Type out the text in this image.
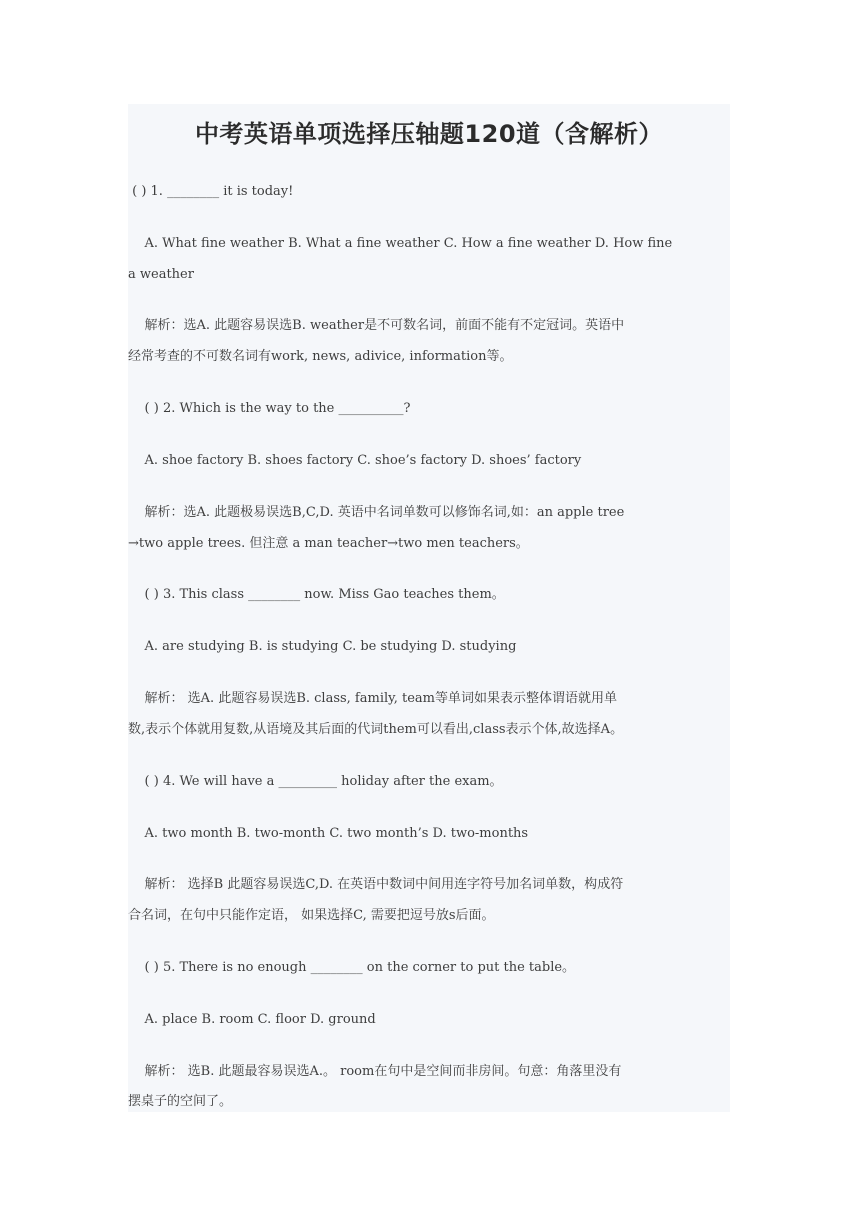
中考英语单项选择压轴题120道（含解析）
( ) 1. ________ it is today!
A. What fine weather B. What a fine weather C. How a fine weather D. How fine
a weather
解析：选A. 此题容易误选B. weather是不可数名词，前面不能有不定冠词。英语中
经常考查的不可数名词有work, news, adivice, information等。
( ) 2. Which is the way to the __________?
A. shoe factory B. shoes factory C. shoe’s factory D. shoes’ factory
解析：选A. 此题极易误选B,C,D. 英语中名词单数可以修饰名词,如：an apple tree
→two apple trees. 但注意 a man teacher→two men teachers。
( ) 3. This class ________ now. Miss Gao teaches them。
A. are studying B. is studying C. be studying D. studying
解析： 选A. 此题容易误选B. class, family, team等单词如果表示整体谓语就用单
数,表示个体就用复数,从语境及其后面的代词them可以看出,class表示个体,故选择A。
( ) 4. We will have a _________ holiday after the exam。
A. two month B. two-month C. two month’s D. two-months
解析： 选择B 此题容易误选C,D. 在英语中数词中间用连字符号加名词单数，构成符
合名词，在句中只能作定语， 如果选择C, 需要把逗号放s后面。
( ) 5. There is no enough ________ on the corner to put the table。
A. place B. room C. floor D. ground
解析： 选B. 此题最容易误选A.。 room在句中是空间而非房间。句意：角落里没有
摆桌子的空间了。
